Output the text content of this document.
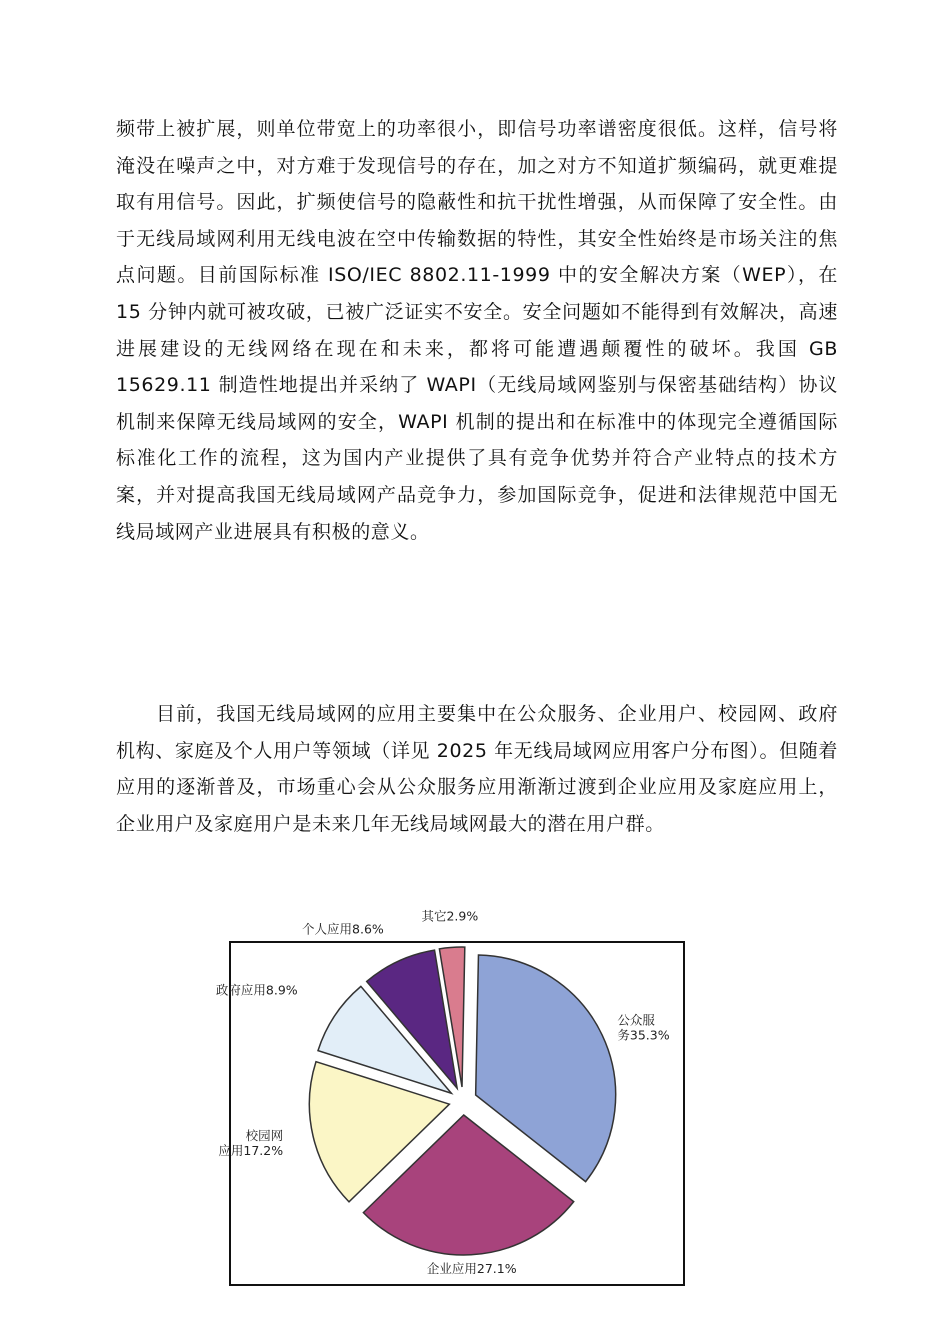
频带上被扩展，则单位带宽上的功率很小，即信号功率谱密度很低。这样，信号将淹没在噪声之中，对方难于发现信号的存在，加之对方不知道扩频编码，就更难提取有用信号。因此，扩频使信号的隐蔽性和抗干扰性增强，从而保障了安全性。由于无线局域网利用无线电波在空中传输数据的特性，其安全性始终是市场关注的焦点问题。目前国际标准 ISO/IEC 8802.11-1999 中的安全解决方案（WEP），在 15 分钟内就可被攻破，已被广泛证实不安全。安全问题如不能得到有效解决，高速进展建设的无线网络在现在和未来，都将可能遭遇颠覆性的破坏。我国 GB 15629.11 制造性地提出并采纳了 WAPI（无线局域网鉴别与保密基础结构）协议机制来保障无线局域网的安全，WAPI 机制的提出和在标准中的体现完全遵循国际标准化工作的流程，这为国内产业提供了具有竞争优势并符合产业特点的技术方案，并对提高我国无线局域网产品竞争力，参加国际竞争，促进和法律规范中国无线局域网产业进展具有积极的意义。

目前，我国无线局域网的应用主要集中在公众服务、企业用户、校园网、政府机构、家庭及个人用户等领域（详见 2025 年无线局域网应用客户分布图）。但随着应用的逐渐普及，市场重心会从公众服务应用渐渐过渡到企业应用及家庭应用上，企业用户及家庭用户是未来几年无线局域网最大的潜在用户群。

公众服务35.3%
企业应用27.1%
校园网应用17.2%
政府应用8.9%
个人应用8.6%
其它2.9%
